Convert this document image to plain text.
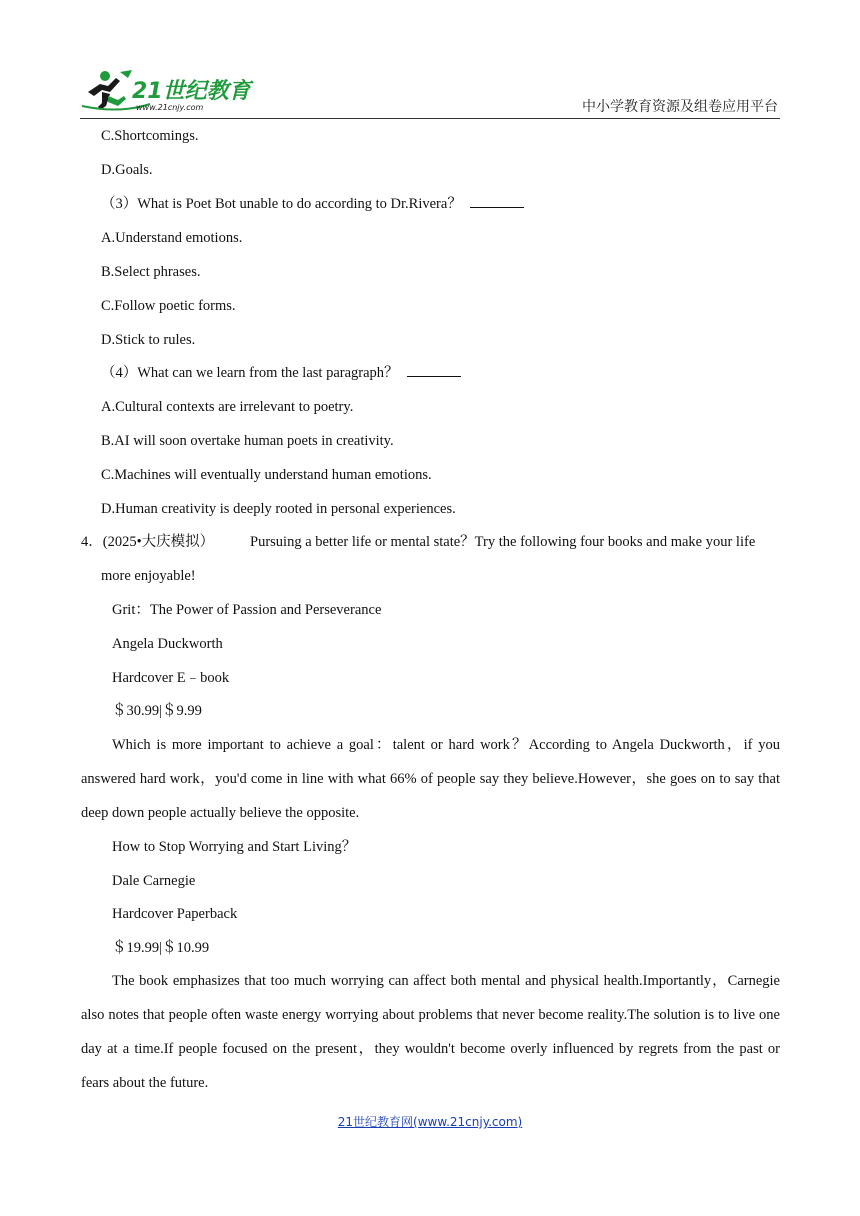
21世纪教育
www.21cnjy.com	中小学教育资源及组卷应用平台
C.Shortcomings.
D.Goals.
（3）What is Poet Bot unable to do according to Dr.Rivera？
A.Understand emotions.
B.Select phrases.
C.Follow poetic forms.
D.Stick to rules.
（4）What can we learn from the last paragraph？
A.Cultural contexts are irrelevant to poetry.
B.AI will soon overtake human poets in creativity.
C.Machines will eventually understand human emotions.
D.Human creativity is deeply rooted in personal experiences.
4．(2025•大庆模拟） Pursuing a better life or mental state？Try the following four books and make your life
more enjoyable!
Grit：The Power of Passion and Perseverance
Angela Duckworth
Hardcover E﹣book
＄30.99|＄9.99
Which is more important to achieve a goal：talent or hard work？According to Angela Duckworth，if you answered hard work，you'd come in line with what 66% of people say they believe.However，she goes on to say that deep down people actually believe the opposite.
How to Stop Worrying and Start Living？
Dale Carnegie
Hardcover Paperback
＄19.99|＄10.99
The book emphasizes that too much worrying can affect both mental and physical health.Importantly，Carnegie also notes that people often waste energy worrying about problems that never become reality.The solution is to live one day at a time.If people focused on the present，they wouldn't become overly influenced by regrets from the past or fears about the future.
21世纪教育网(www.21cnjy.com)
